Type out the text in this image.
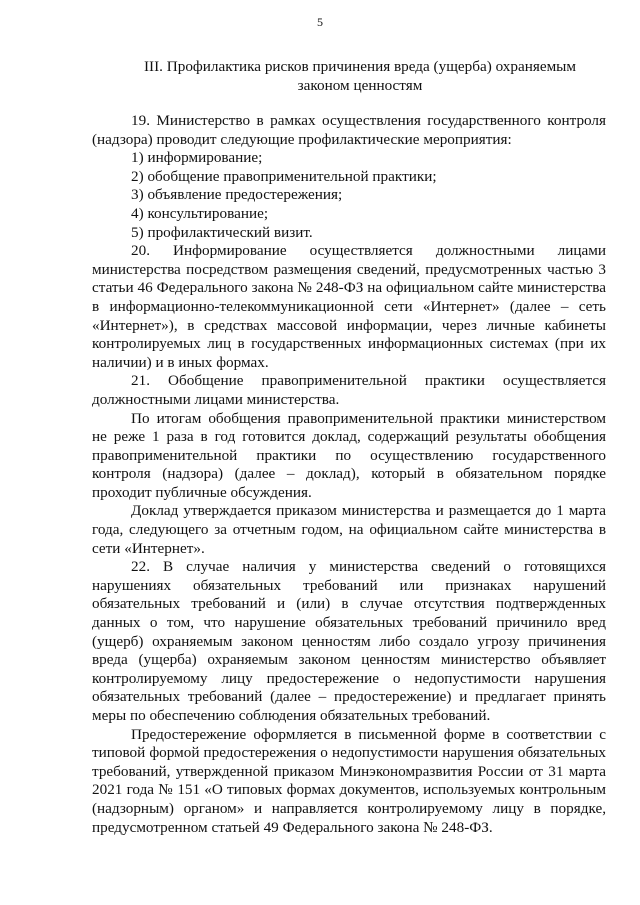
5
III. Профилактика рисков причинения вреда (ущерба) охраняемым
законом ценностям

19. Министерство в рамках осуществления государственного контроля (надзора) проводит следующие профилактические мероприятия:

1) информирование;

2) обобщение правоприменительной практики;

3) объявление предостережения;

4) консультирование;

5) профилактический визит.

20. Информирование осуществляется должностными лицами министерства посредством размещения сведений, предусмотренных частью 3 статьи 46 Федерального закона № 248-ФЗ на официальном сайте министерства в информационно-телекоммуникационной сети «Интернет» (далее – сеть «Интернет»), в средствах массовой информации, через личные кабинеты контролируемых лиц в государственных информационных системах (при их наличии) и в иных формах.

21. Обобщение правоприменительной практики осуществляется должностными лицами министерства.

По итогам обобщения правоприменительной практики министерством не реже 1 раза в год готовится доклад, содержащий результаты обобщения правоприменительной практики по осуществлению государственного контроля (надзора) (далее – доклад), который в обязательном порядке проходит публичные обсуждения.

Доклад утверждается приказом министерства и размещается до 1 марта года, следующего за отчетным годом, на официальном сайте министерства в сети «Интернет».

22. В случае наличия у министерства сведений о готовящихся нарушениях обязательных требований или признаках нарушений обязательных требований и (или) в случае отсутствия подтвержденных данных о том, что нарушение обязательных требований причинило вред (ущерб) охраняемым законом ценностям либо создало угрозу причинения вреда (ущерба) охраняемым законом ценностям министерство объявляет контролируемому лицу предостережение о недопустимости нарушения обязательных требований (далее – предостережение) и предлагает принять меры по обеспечению соблюдения обязательных требований.

Предостережение оформляется в письменной форме в соответствии с типовой формой предостережения о недопустимости нарушения обязательных требований, утвержденной приказом Минэкономразвития России от 31 марта 2021 года № 151 «О типовых формах документов, используемых контрольным (надзорным) органом» и направляется контролируемому лицу в порядке, предусмотренном статьей 49 Федерального закона № 248-ФЗ.
